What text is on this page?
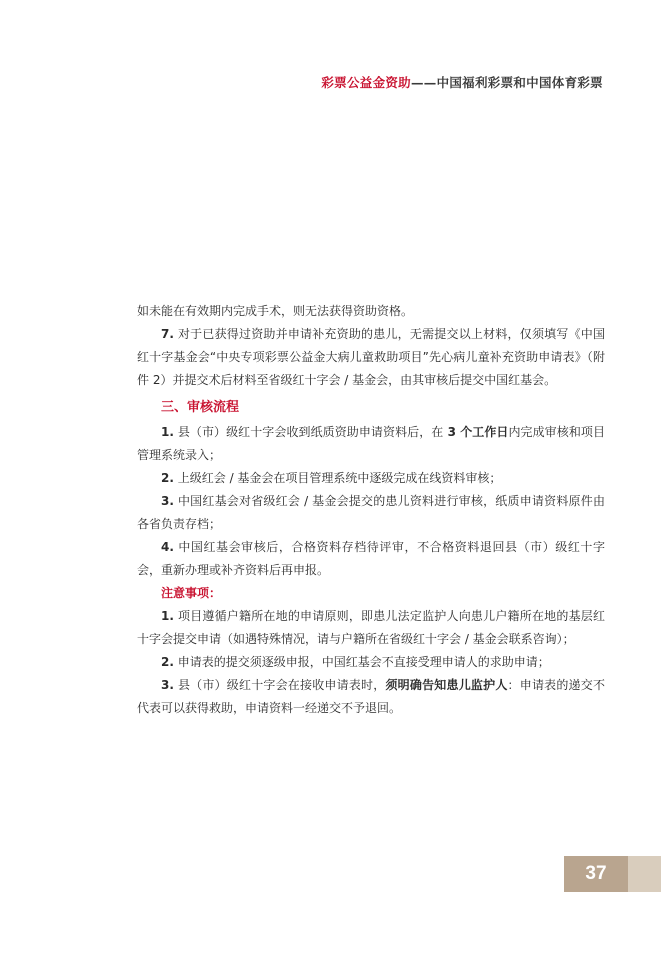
彩票公益金资助——中国福利彩票和中国体育彩票

如未能在有效期内完成手术，则无法获得资助资格。

7. 对于已获得过资助并申请补充资助的患儿，无需提交以上材料，仅须填写《中国红十字基金会“中央专项彩票公益金大病儿童救助项目”先心病儿童补充资助申请表》（附件 2）并提交术后材料至省级红十字会 / 基金会，由其审核后提交中国红基会。

三、审核流程

1. 县（市）级红十字会收到纸质资助申请资料后，在 3 个工作日内完成审核和项目管理系统录入；

2. 上级红会 / 基金会在项目管理系统中逐级完成在线资料审核；

3. 中国红基会对省级红会 / 基金会提交的患儿资料进行审核，纸质申请资料原件由各省负责存档；

4. 中国红基会审核后，合格资料存档待评审，不合格资料退回县（市）级红十字会，重新办理或补齐资料后再申报。

注意事项：

1. 项目遵循户籍所在地的申请原则，即患儿法定监护人向患儿户籍所在地的基层红十字会提交申请（如遇特殊情况，请与户籍所在省级红十字会 / 基金会联系咨询）；

2. 申请表的提交须逐级申报，中国红基会不直接受理申请人的求助申请；

3. 县（市）级红十字会在接收申请表时，须明确告知患儿监护人：申请表的递交不代表可以获得救助，申请资料一经递交不予退回。

37
